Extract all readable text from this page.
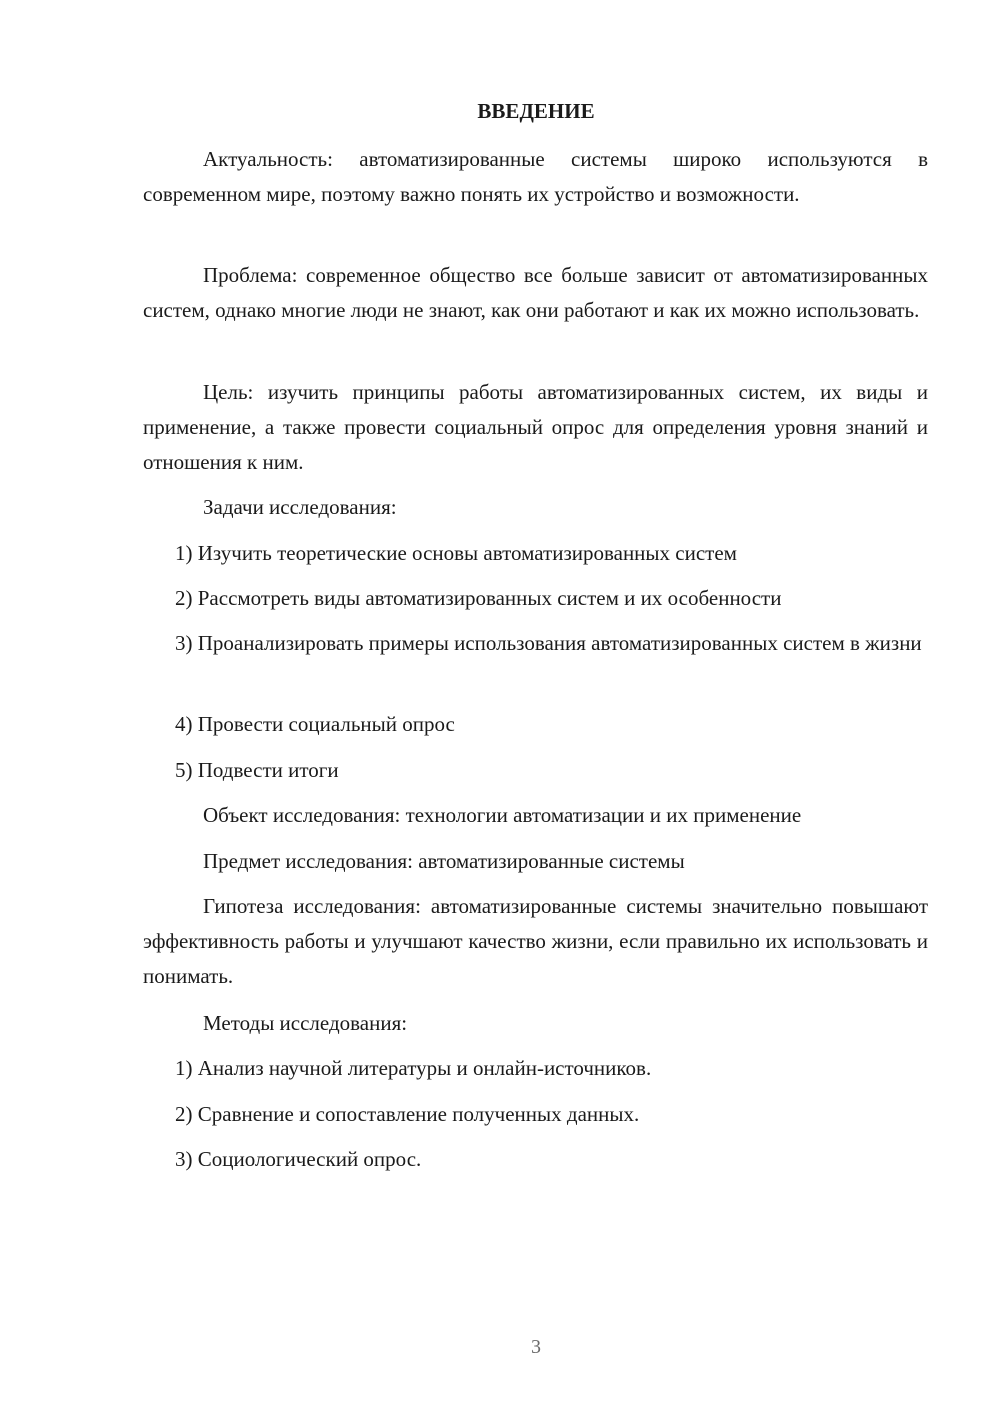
ВВЕДЕНИЕ

Актуальность: автоматизированные системы широко используются в современном мире, поэтому важно понять их устройство и возможности.

Проблема: современное общество все больше зависит от автоматизированных систем, однако многие люди не знают, как они работают и как их можно использовать.

Цель: изучить принципы работы автоматизированных систем, их виды и применение, а также провести социальный опрос для определения уровня знаний и отношения к ним.

Задачи исследования:

1) Изучить теоретические основы автоматизированных систем

2) Рассмотреть виды автоматизированных систем и их особенности

3) Проанализировать примеры использования автоматизированных систем в жизни

4) Провести социальный опрос

5) Подвести итоги

Объект исследования: технологии автоматизации и их применение

Предмет исследования: автоматизированные системы

Гипотеза исследования: автоматизированные системы значительно повышают эффективность работы и улучшают качество жизни, если правильно их использовать и понимать.

Методы исследования:

1) Анализ научной литературы и онлайн-источников.

2) Сравнение и сопоставление полученных данных.

3) Социологический опрос.

3
